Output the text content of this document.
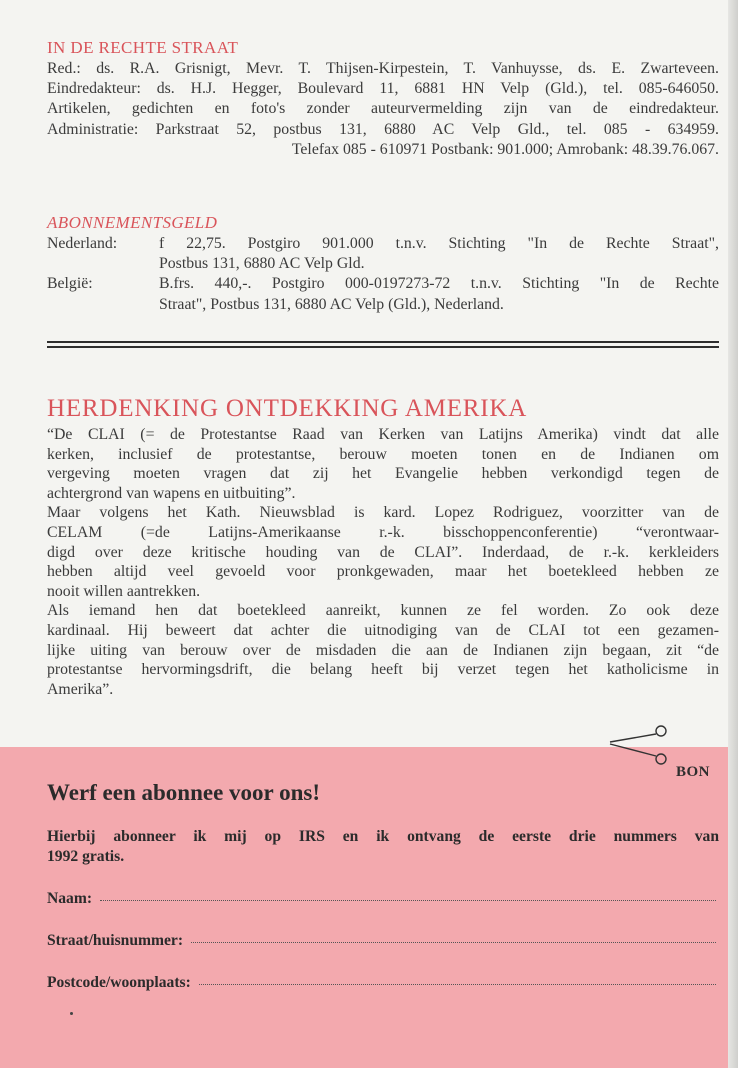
IN DE RECHTE STRAAT
Red.: ds. R.A. Grisnigt, Mevr. T. Thijsen-Kirpestein, T. Vanhuysse, ds. E. Zwarteveen.
Eindredakteur: ds. H.J. Hegger, Boulevard 11, 6881 HN Velp (Gld.), tel. 085-646050.
Artikelen, gedichten en foto's zonder auteurvermelding zijn van de eindredakteur.
Administratie: Parkstraat 52, postbus 131, 6880 AC Velp Gld., tel. 085 - 634959.
Telefax 085 - 610971 Postbank: 901.000; Amrobank: 48.39.76.067.
ABONNEMENTSGELD
Nederland:	f 22,75. Postgiro 901.000 t.n.v. Stichting "In de Rechte Straat",
Postbus 131, 6880 AC Velp Gld.
België:	B.frs. 440,-. Postgiro 000-0197273-72 t.n.v. Stichting "In de Rechte
Straat", Postbus 131, 6880 AC Velp (Gld.), Nederland.
HERDENKING ONTDEKKING AMERIKA
“De CLAI (= de Protestantse Raad van Kerken van Latijns Amerika) vindt dat alle
kerken, inclusief de protestantse, berouw moeten tonen en de Indianen om
vergeving moeten vragen dat zij het Evangelie hebben verkondigd tegen de
achtergrond van wapens en uitbuiting”.
Maar volgens het Kath. Nieuwsblad is kard. Lopez Rodriguez, voorzitter van de
CELAM (=de Latijns-Amerikaanse r.-k. bisschoppenconferentie) “verontwaar-
digd over deze kritische houding van de CLAI”. Inderdaad, de r.-k. kerkleiders
hebben altijd veel gevoeld voor pronkgewaden, maar het boetekleed hebben ze
nooit willen aantrekken.
Als iemand hen dat boetekleed aanreikt, kunnen ze fel worden. Zo ook deze
kardinaal. Hij beweert dat achter die uitnodiging van de CLAI tot een gezamen-
lijke uiting van berouw over de misdaden die aan de Indianen zijn begaan, zit “de
protestantse hervormingsdrift, die belang heeft bij verzet tegen het katholicisme in
Amerika”.
BON
Werf een abonnee voor ons!
Hierbij abonneer ik mij op IRS en ik ontvang de eerste drie nummers van
1992 gratis.
Naam:
Straat/huisnummer:
Postcode/woonplaats:
